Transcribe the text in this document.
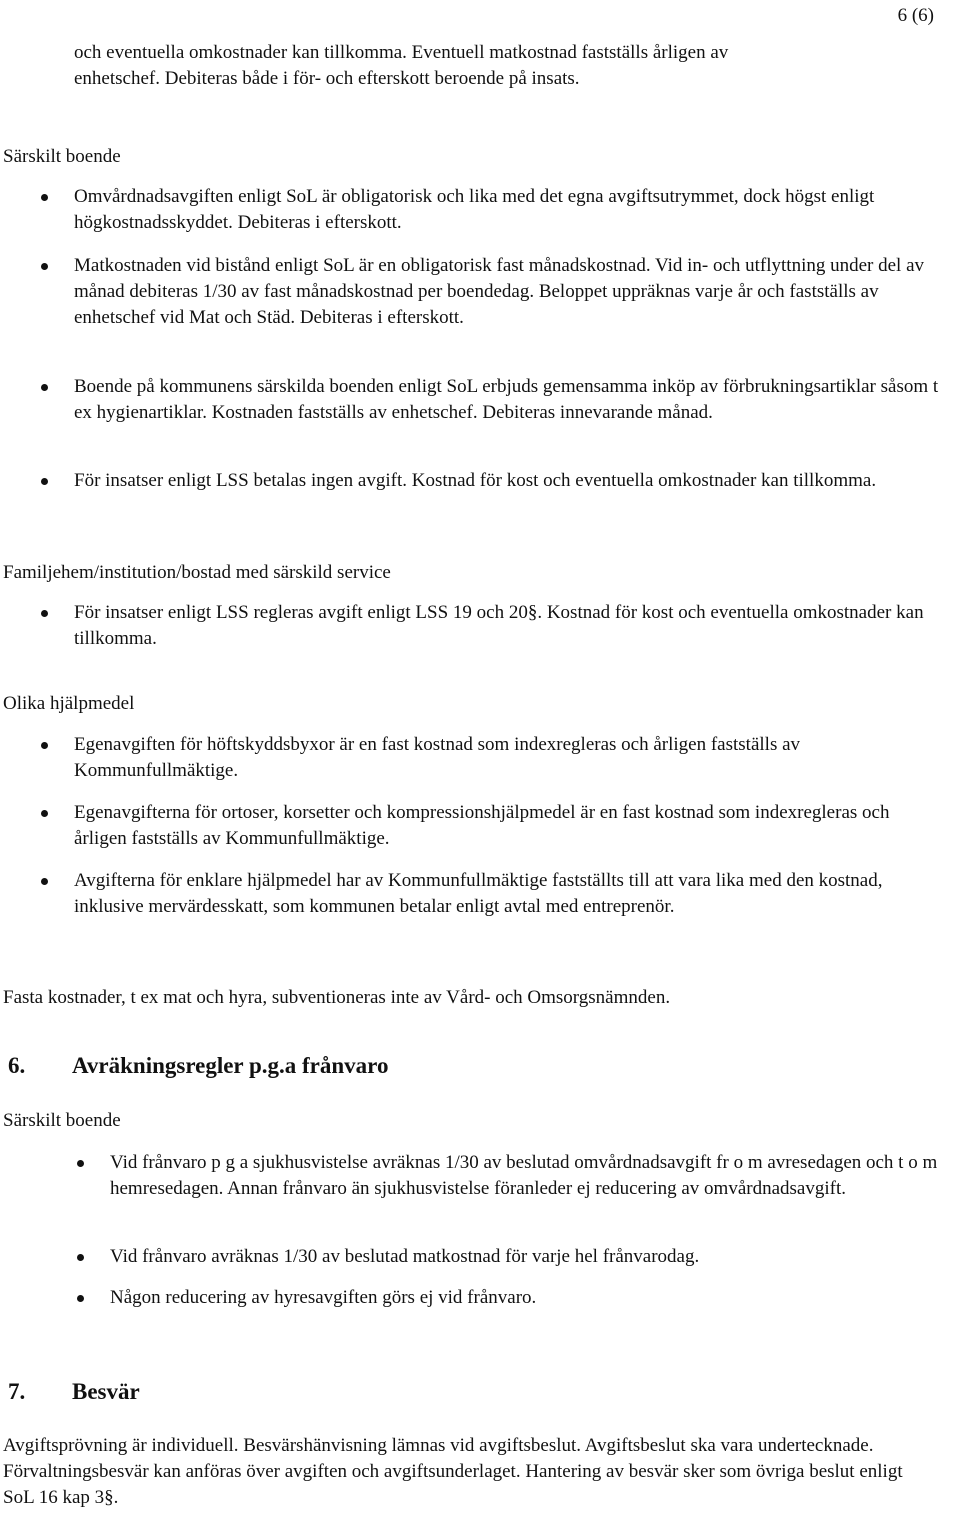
6 (6)
och eventuella omkostnader kan tillkomma. Eventuell matkostnad fastställs årligen av
enhetschef. Debiteras både i för- och efterskott beroende på insats.
Särskilt boende
Omvårdnadsavgiften enligt SoL är obligatorisk och lika med det egna avgiftsutrymmet, dock högst enligt högkostnadsskyddet. Debiteras i efterskott.
Matkostnaden vid bistånd enligt SoL är en obligatorisk fast månadskostnad. Vid in- och utflyttning under del av månad debiteras 1/30 av fast månadskostnad per boendedag. Beloppet uppräknas varje år och fastställs av enhetschef vid Mat och Städ. Debiteras i efterskott.
Boende på kommunens särskilda boenden enligt SoL erbjuds gemensamma inköp av förbrukningsartiklar såsom t ex hygienartiklar. Kostnaden fastställs av enhetschef. Debiteras innevarande månad.
För insatser enligt LSS betalas ingen avgift. Kostnad för kost och eventuella omkostnader kan tillkomma.
Familjehem/institution/bostad med särskild service
För insatser enligt LSS regleras avgift enligt LSS 19 och 20§. Kostnad för kost och eventuella omkostnader kan tillkomma.
Olika hjälpmedel
Egenavgiften för höftskyddsbyxor är en fast kostnad som indexregleras och årligen fastställs av Kommunfullmäktige.
Egenavgifterna för ortoser, korsetter och kompressionshjälpmedel är en fast kostnad som indexregleras och årligen fastställs av Kommunfullmäktige.
Avgifterna för enklare hjälpmedel har av Kommunfullmäktige fastställts till att vara lika med den kostnad, inklusive mervärdesskatt, som kommunen betalar enligt avtal med entreprenör.
Fasta kostnader, t ex mat och hyra, subventioneras inte av Vård- och Omsorgsnämnden.
6. Avräkningsregler p.g.a frånvaro
Särskilt boende
Vid frånvaro p g a sjukhusvistelse avräknas 1/30 av beslutad omvårdnadsavgift fr o m avresedagen och t o m hemresedagen. Annan frånvaro än sjukhusvistelse föranleder ej reducering av omvårdnadsavgift.
Vid frånvaro avräknas 1/30 av beslutad matkostnad för varje hel frånvarodag.
Någon reducering av hyresavgiften görs ej vid frånvaro.
7. Besvär
Avgiftsprövning är individuell. Besvärshänvisning lämnas vid avgiftsbeslut. Avgiftsbeslut ska vara undertecknade. Förvaltningsbesvär kan anföras över avgiften och avgiftsunderlaget. Hantering av besvär sker som övriga beslut enligt SoL 16 kap 3§.
